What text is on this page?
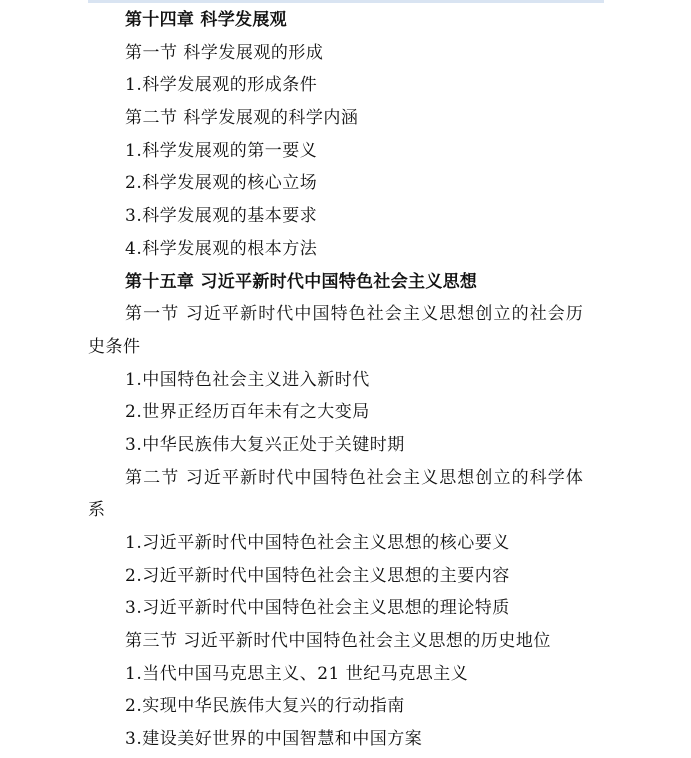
第十四章 科学发展观
第一节 科学发展观的形成
1.科学发展观的形成条件
第二节 科学发展观的科学内涵
1.科学发展观的第一要义
2.科学发展观的核心立场
3.科学发展观的基本要求
4.科学发展观的根本方法
第十五章 习近平新时代中国特色社会主义思想
第一节 习近平新时代中国特色社会主义思想创立的社会历
史条件
1.中国特色社会主义进入新时代
2.世界正经历百年未有之大变局
3.中华民族伟大复兴正处于关键时期
第二节 习近平新时代中国特色社会主义思想创立的科学体
系
1.习近平新时代中国特色社会主义思想的核心要义
2.习近平新时代中国特色社会主义思想的主要内容
3.习近平新时代中国特色社会主义思想的理论特质
第三节 习近平新时代中国特色社会主义思想的历史地位
1.当代中国马克思主义、21 世纪马克思主义
2.实现中华民族伟大复兴的行动指南
3.建设美好世界的中国智慧和中国方案
